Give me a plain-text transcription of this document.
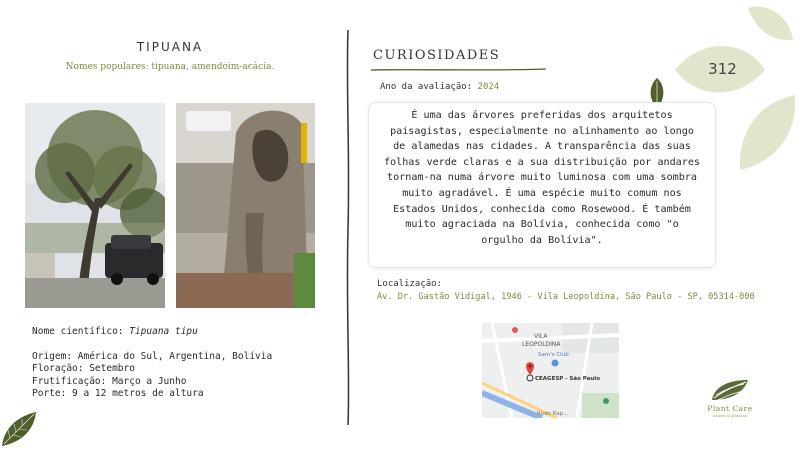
312
TIPUANA
Nomes populares: tipuana, amendoim-acácia.
Nome científico: Tipuana tipu
Origem: América do Sul, Argentina, Bolívia
Floração: Setembro
Frutificação: Março a Junho
Porte: 9 a 12 metros de altura
CURIOSIDADES
Ano da avaliação: 2024

É uma das árvores preferidas dos arquitetos paisagistas, especialmente no alinhamento ao longo de alamedas nas cidades. A transparência das suas folhas verde claras e a sua distribuição por andares tornam-na numa árvore muito luminosa com uma sombra muito agradável. É uma espécie muito comum nos Estados Unidos, conhecida como Rosewood. É também muito agraciada na Bolívia, conhecida como "o orgulho da Bolívia".

Localização:
Av. Dr. Gastão Vidigal, 1946 - Vila Leopoldina, São Paulo - SP, 05314-000
VILA
LEOPOLDINA
Sam's Club
CEAGESP - São Paulo
Rodo Rap...
Plant Care
saúde as plantas
